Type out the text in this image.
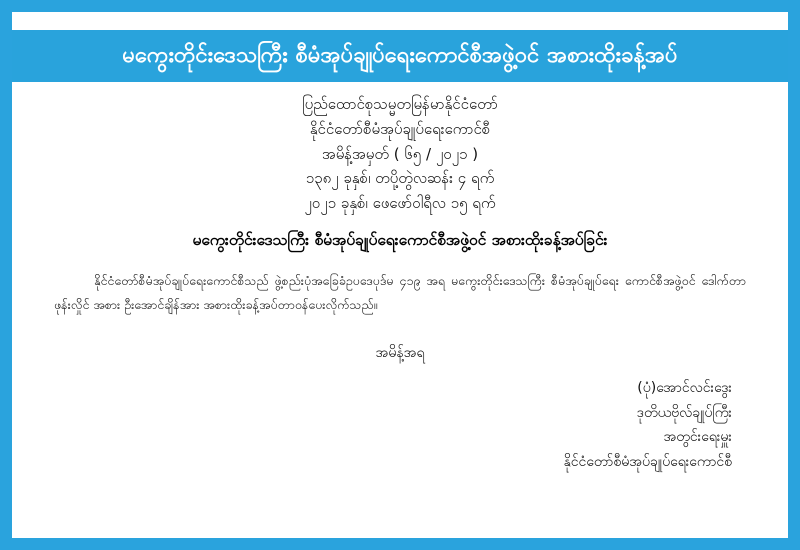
မကွေးတိုင်းဒေသကြီး စီမံအုပ်ချုပ်ရေးကောင်စီအဖွဲ့ဝင် အစားထိုးခန့်အပ်
ပြည်ထောင်စုသမ္မတမြန်မာနိုင်ငံတော်
နိုင်ငံတော်စီမံအုပ်ချုပ်ရေးကောင်စီ
အမိန့်အမှတ် ( ၆၅ / ၂၀၂၁ )
၁၃၈၂ ခုနှစ်၊ တပို့တွဲလဆန်း ၄ ရက်
၂၀၂၁ ခုနှစ်၊ ဖေဖော်ဝါရီလ ၁၅ ရက်
မကွေးတိုင်းဒေသကြီး စီမံအုပ်ချုပ်ရေးကောင်စီအဖွဲ့ဝင် အစားထိုးခန့်အပ်ခြင်း
နိုင်ငံတော်စီမံအုပ်ချုပ်ရေးကောင်စီသည် ဖွဲ့စည်းပုံအခြေခံဥပဒေပုဒ်မ ၄၁၉ အရ မကွေးတိုင်းဒေသကြီး စီမံအုပ်ချုပ်ရေး ကောင်စီအဖွဲ့ဝင် ဒေါက်တာဖုန်းလှိုင် အစား ဦးအောင်ချိန်အား အစားထိုးခန့်အပ်တာဝန်ပေးလိုက်သည်။
အမိန့်အရ
(ပုံ)အောင်လင်းဒွေး
ဒုတိယဗိုလ်ချုပ်ကြီး
အတွင်းရေးမှူး
နိုင်ငံတော်စီမံအုပ်ချုပ်ရေးကောင်စီ
